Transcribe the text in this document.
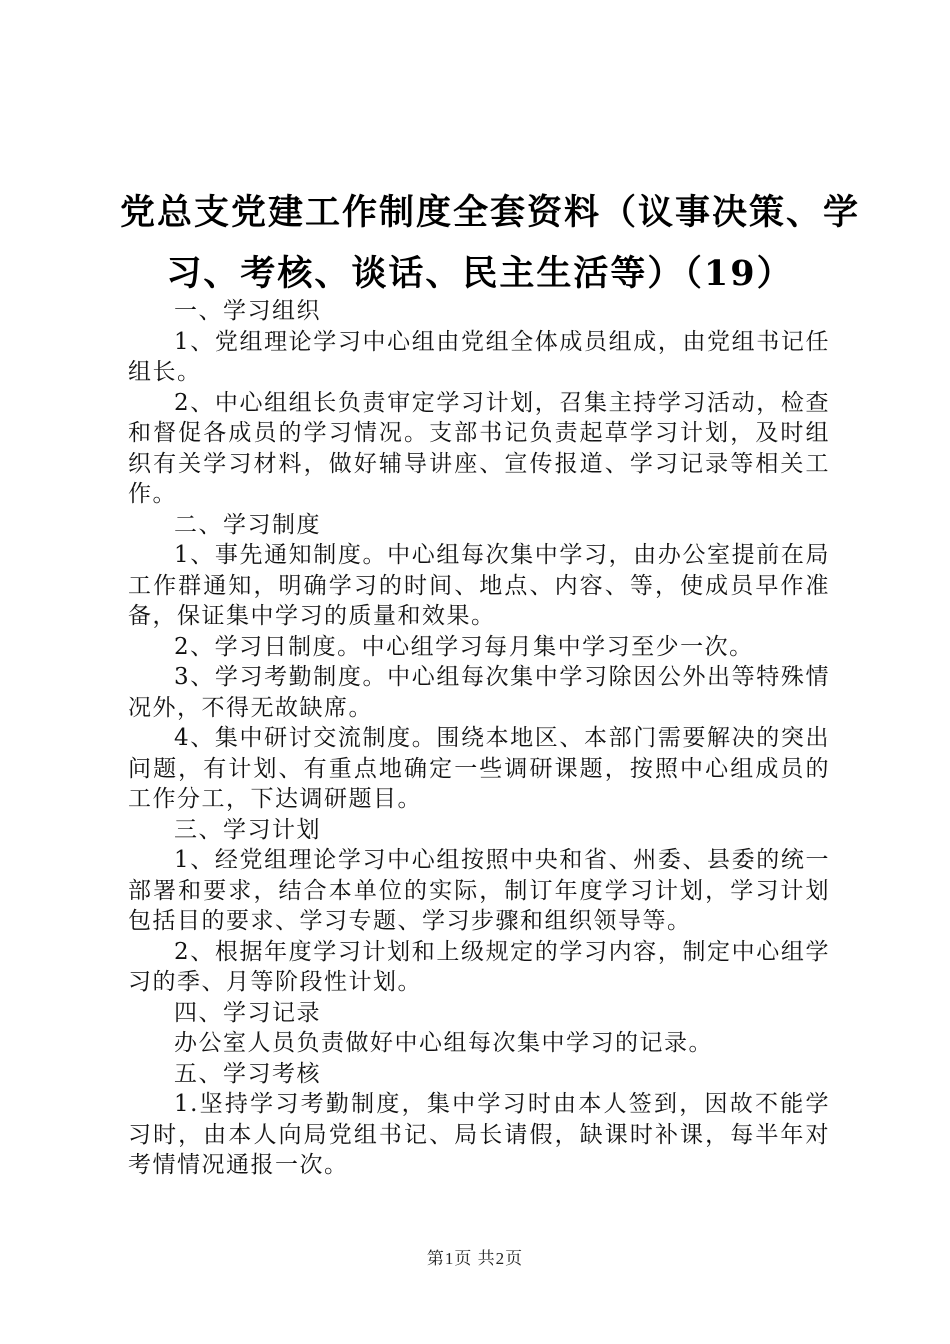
党总支党建工作制度全套资料（议事决策、学
习、考核、谈话、民主生活等）（19）

一、学习组织

1、党组理论学习中心组由党组全体成员组成，由党组书记任组长。

2、中心组组长负责审定学习计划，召集主持学习活动，检查和督促各成员的学习情况。支部书记负责起草学习计划，及时组织有关学习材料，做好辅导讲座、宣传报道、学习记录等相关工作。

二、学习制度

1、事先通知制度。中心组每次集中学习，由办公室提前在局工作群通知，明确学习的时间、地点、内容、等，使成员早作准备，保证集中学习的质量和效果。

2、学习日制度。中心组学习每月集中学习至少一次。

3、学习考勤制度。中心组每次集中学习除因公外出等特殊情况外，不得无故缺席。

4、集中研讨交流制度。围绕本地区、本部门需要解决的突出问题，有计划、有重点地确定一些调研课题，按照中心组成员的工作分工，下达调研题目。

三、学习计划

1、经党组理论学习中心组按照中央和省、州委、县委的统一部署和要求，结合本单位的实际，制订年度学习计划，学习计划包括目的要求、学习专题、学习步骤和组织领导等。

2、根据年度学习计划和上级规定的学习内容，制定中心组学习的季、月等阶段性计划。

四、学习记录

办公室人员负责做好中心组每次集中学习的记录。

五、学习考核

1.坚持学习考勤制度，集中学习时由本人签到，因故不能学习时，由本人向局党组书记、局长请假，缺课时补课，每半年对考情情况通报一次。

第1页 共2页
